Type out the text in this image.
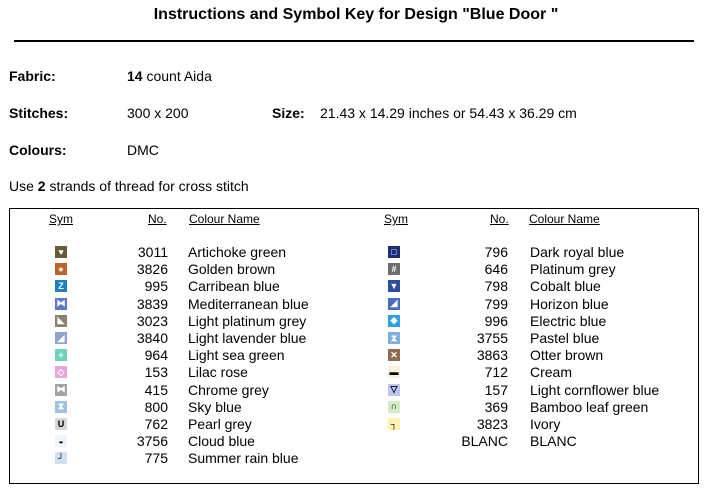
Instructions and Symbol Key for Design "Blue Door "
Fabric:	14 count Aida
Stitches:	300 x 200	Size: 21.43 x 14.29 inches or 54.43 x 36.29 cm
Colours:	DMC
Use 2 strands of thread for cross stitch
Sym	No. Colour Name	Sym	No. Colour Name
♥	3011 Artichoke green
●	3826 Golden brown
Z	995 Carribean blue
⧓	3839 Mediterranean blue
◣	3023 Light platinum grey
◢	3840 Light lavender blue
+	964 Light sea green
◇	153 Lilac rose
⧓	415 Chrome grey
⧗	800 Sky blue
U	762 Pearl grey
◒	3756 Cloud blue
┘	775 Summer rain blue
□	796 Dark royal blue
#	646 Platinum grey
▼	798 Cobalt blue
◢	799 Horizon blue
◆	996 Electric blue
⧗	3755 Pastel blue
✕	3863 Otter brown
▬	712 Cream
▽	157 Light cornflower blue
∩	369 Bamboo leaf green
┐	3823 Ivory
BLANC BLANC
